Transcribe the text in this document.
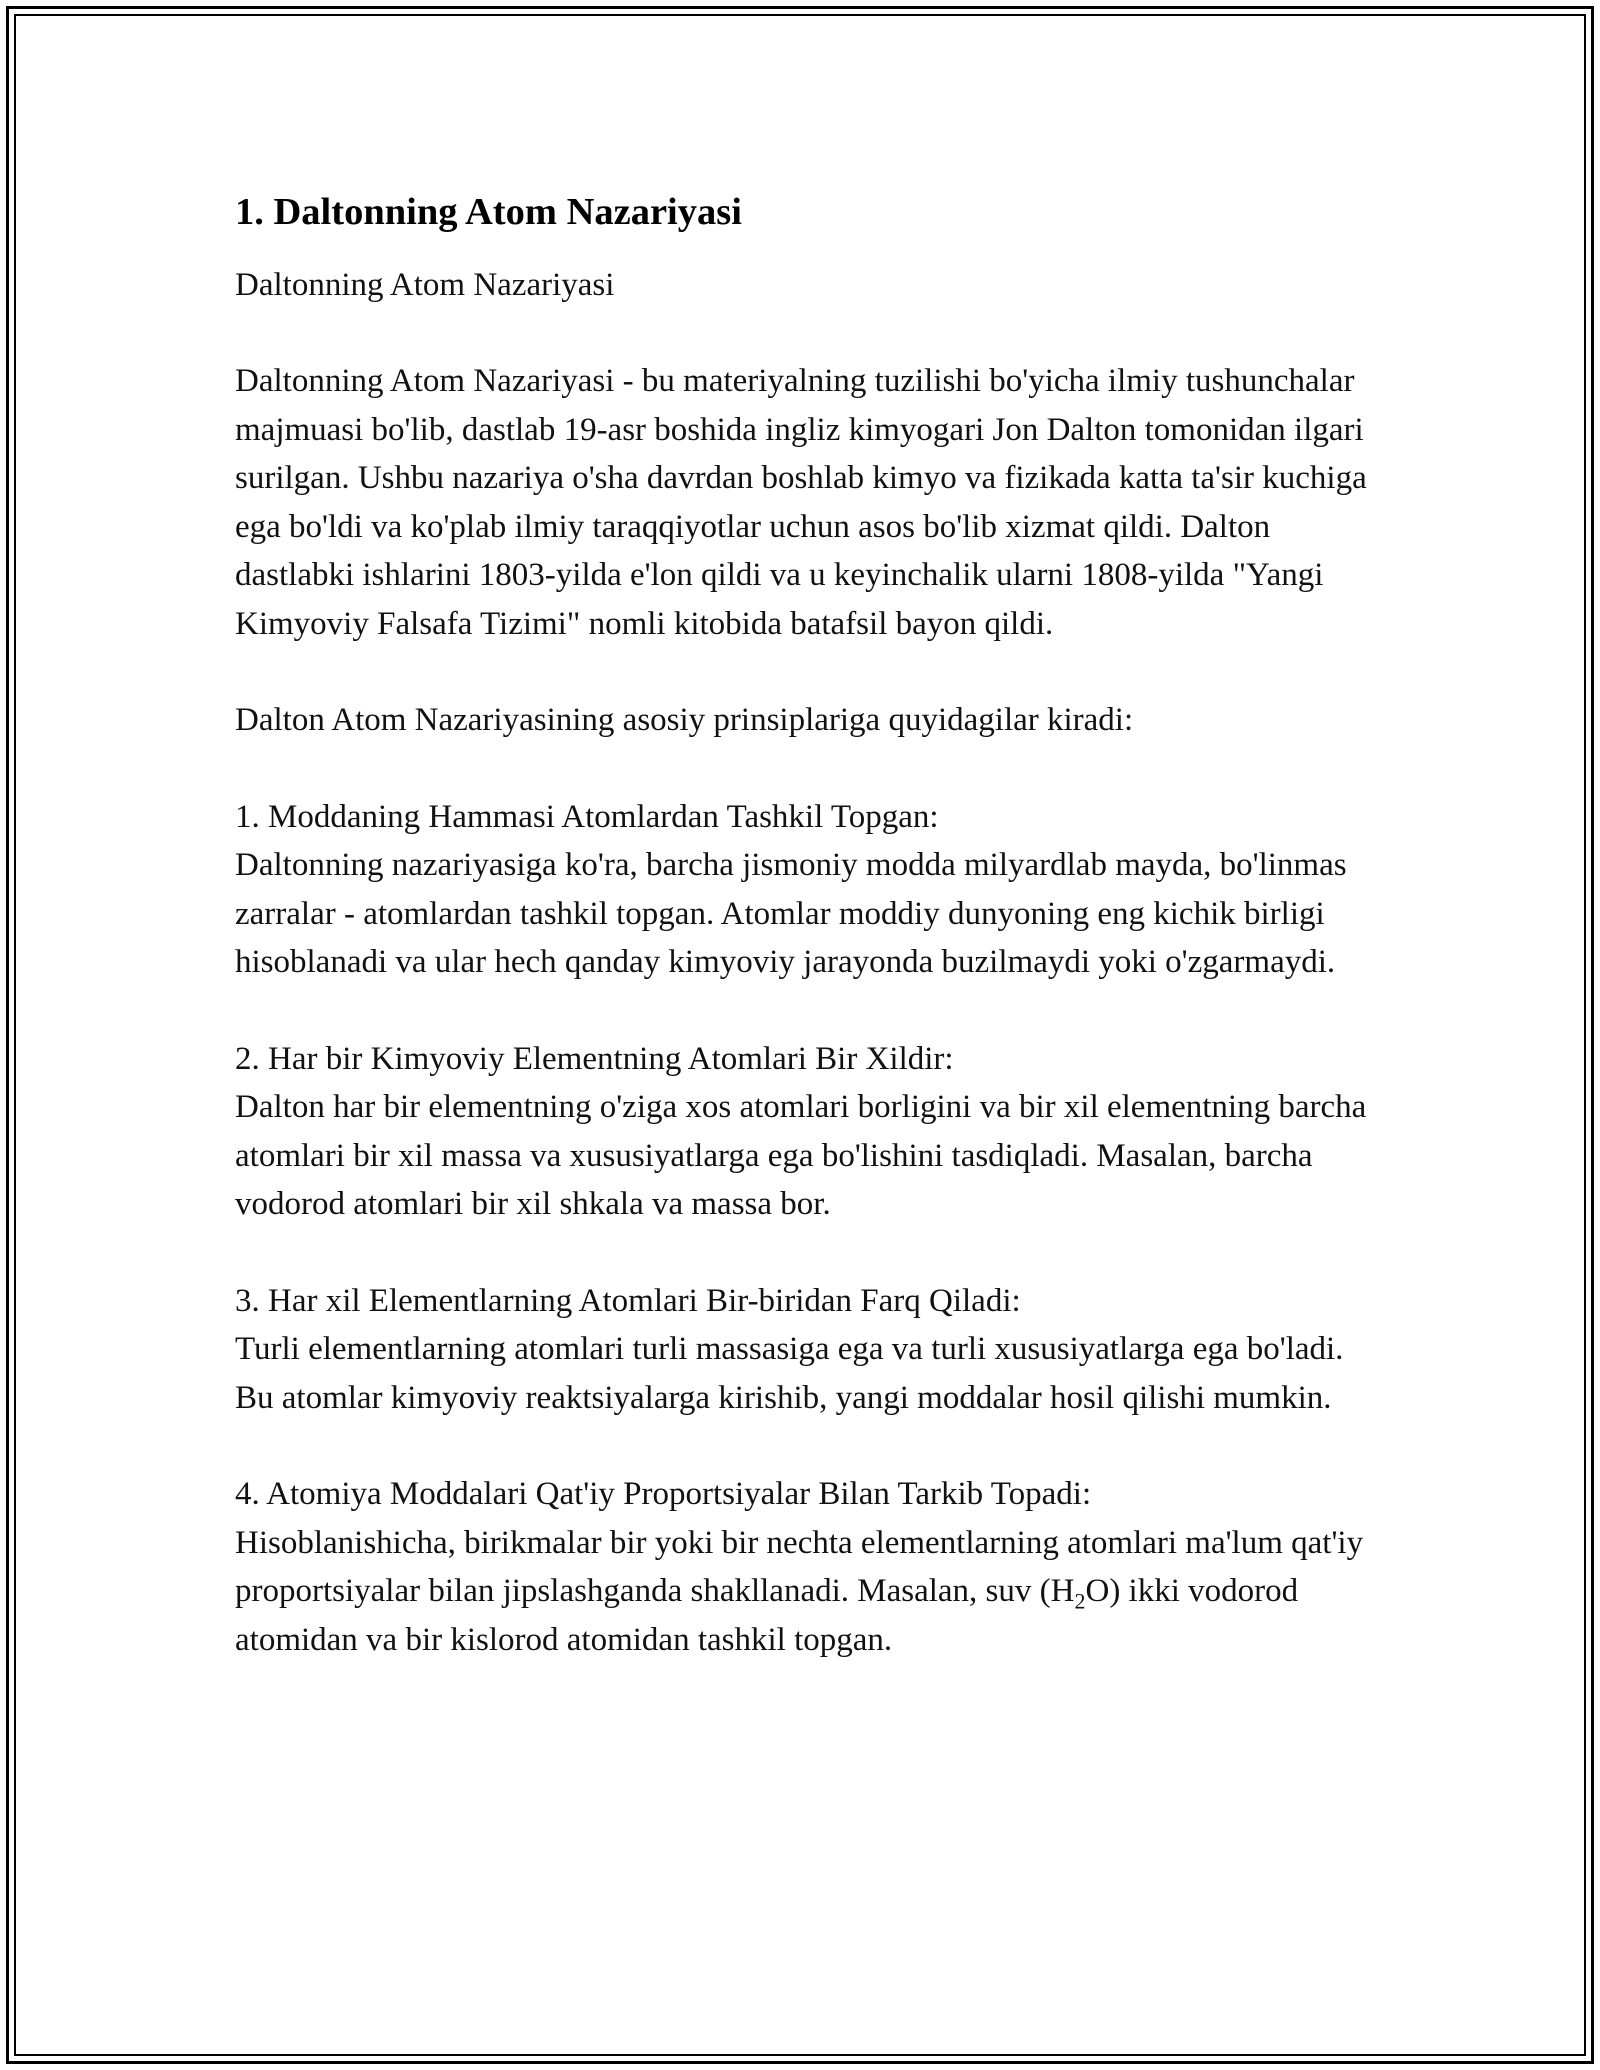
1. Daltonning Atom Nazariyasi

Daltonning Atom Nazariyasi

Daltonning Atom Nazariyasi - bu materiyalning tuzilishi bo'yicha ilmiy tushunchalar majmuasi bo'lib, dastlab 19-asr boshida ingliz kimyogari Jon Dalton tomonidan ilgari surilgan. Ushbu nazariya o'sha davrdan boshlab kimyo va fizikada katta ta'sir kuchiga ega bo'ldi va ko'plab ilmiy taraqqiyotlar uchun asos bo'lib xizmat qildi. Dalton dastlabki ishlarini 1803-yilda e'lon qildi va u keyinchalik ularni 1808-yilda "Yangi Kimyoviy Falsafa Tizimi" nomli kitobida batafsil bayon qildi.

Dalton Atom Nazariyasining asosiy prinsiplariga quyidagilar kiradi:

1. Moddaning Hammasi Atomlardan Tashkil Topgan:

Daltonning nazariyasiga ko'ra, barcha jismoniy modda milyardlab mayda, bo'linmas zarralar - atomlardan tashkil topgan. Atomlar moddiy dunyoning eng kichik birligi hisoblanadi va ular hech qanday kimyoviy jarayonda buzilmaydi yoki o'zgarmaydi.

2. Har bir Kimyoviy Elementning Atomlari Bir Xildir:

Dalton har bir elementning o'ziga xos atomlari borligini va bir xil elementning barcha atomlari bir xil massa va xususiyatlarga ega bo'lishini tasdiqladi. Masalan, barcha vodorod atomlari bir xil shkala va massa bor.

3. Har xil Elementlarning Atomlari Bir-biridan Farq Qiladi:

Turli elementlarning atomlari turli massasiga ega va turli xususiyatlarga ega bo'ladi. Bu atomlar kimyoviy reaktsiyalarga kirishib, yangi moddalar hosil qilishi mumkin.

4. Atomiya Moddalari Qat'iy Proportsiyalar Bilan Tarkib Topadi:

Hisoblanishicha, birikmalar bir yoki bir nechta elementlarning atomlari ma'lum qat'iy proportsiyalar bilan jipslashganda shakllanadi. Masalan, suv $(H_2O)$ ikki vodorod atomidan va bir kislorod atomidan tashkil topgan.
